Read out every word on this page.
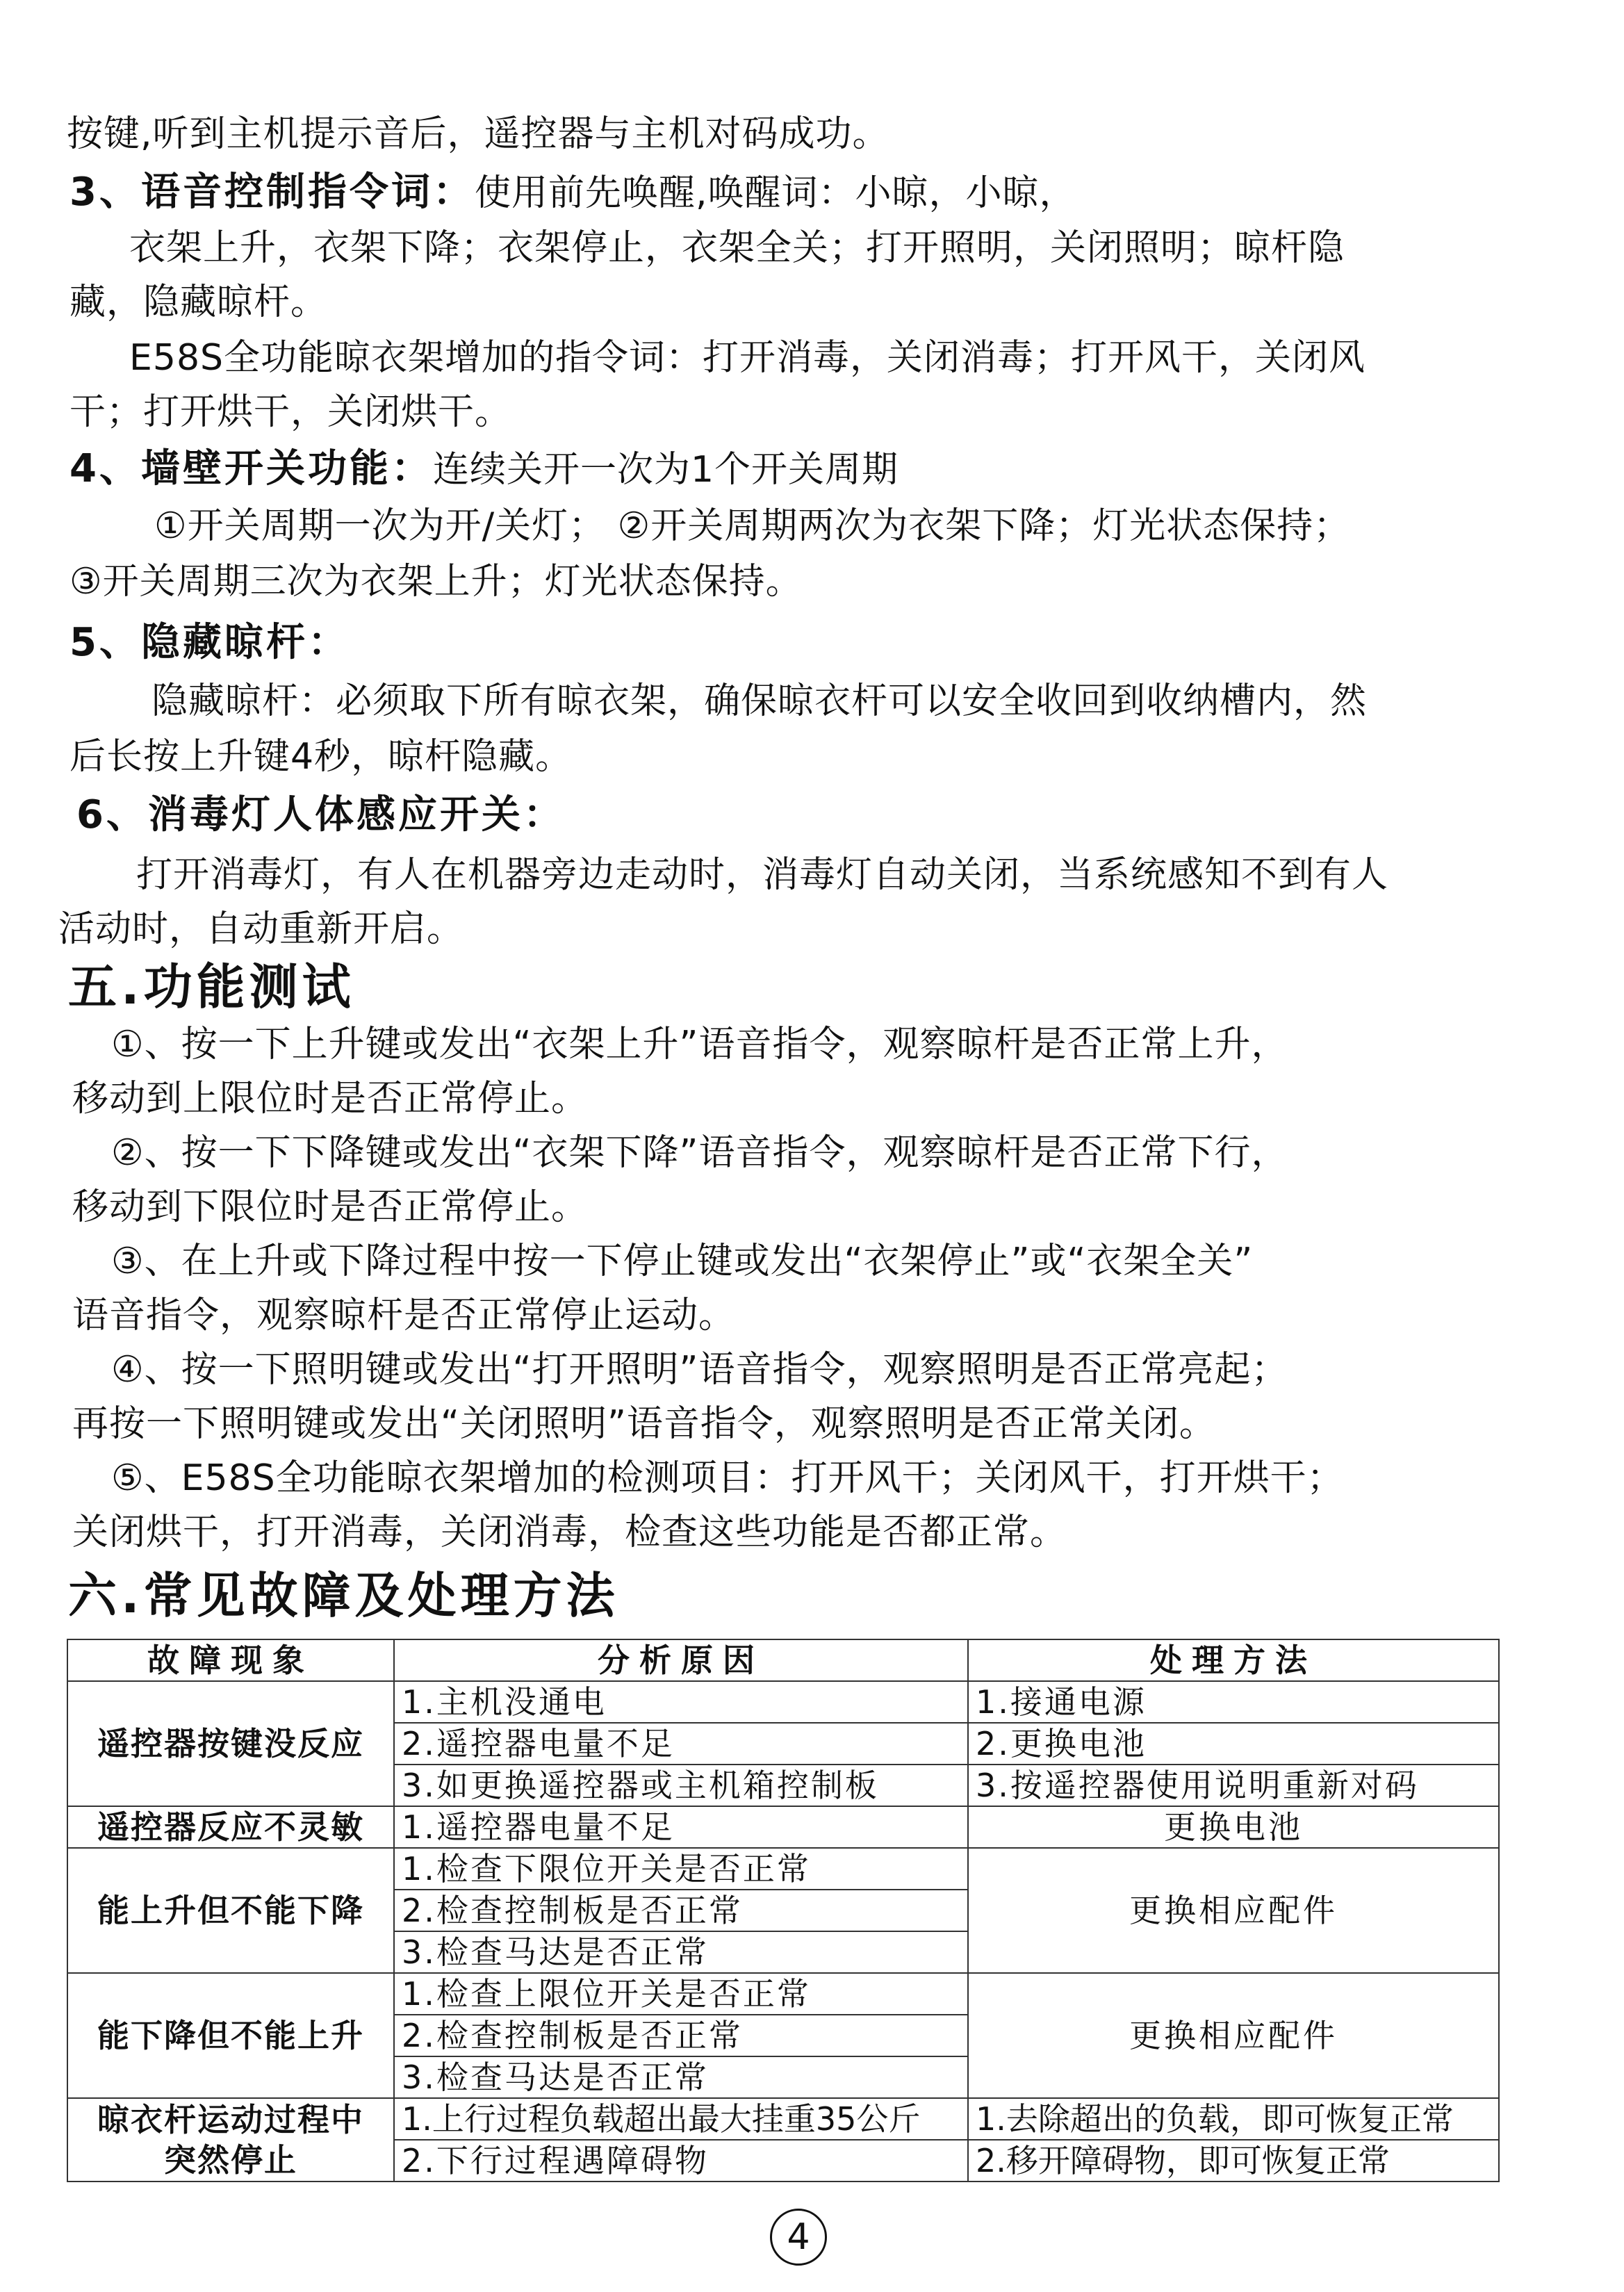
按键,听到主机提示音后，遥控器与主机对码成功。
3、语音控制指令词：使用前先唤醒,唤醒词：小晾，小晾，
衣架上升，衣架下降；衣架停止，衣架全关；打开照明，关闭照明；晾杆隐
藏，隐藏晾杆。
E58S全功能晾衣架增加的指令词：打开消毒，关闭消毒；打开风干，关闭风
干；打开烘干，关闭烘干。
4、墙壁开关功能：连续关开一次为1个开关周期
①开关周期一次为开/关灯； ②开关周期两次为衣架下降；灯光状态保持；
③开关周期三次为衣架上升；灯光状态保持。
5、隐藏晾杆：
隐藏晾杆：必须取下所有晾衣架，确保晾衣杆可以安全收回到收纳槽内，然
后长按上升键4秒，晾杆隐藏。
6、消毒灯人体感应开关：
打开消毒灯，有人在机器旁边走动时，消毒灯自动关闭，当系统感知不到有人
活动时，自动重新开启。
五.功能测试
①、按一下上升键或发出“衣架上升”语音指令，观察晾杆是否正常上升，
移动到上限位时是否正常停止。
②、按一下下降键或发出“衣架下降”语音指令，观察晾杆是否正常下行，
移动到下限位时是否正常停止。
③、在上升或下降过程中按一下停止键或发出“衣架停止”或“衣架全关”
语音指令，观察晾杆是否正常停止运动。
④、按一下照明键或发出“打开照明”语音指令，观察照明是否正常亮起；
再按一下照明键或发出“关闭照明”语音指令，观察照明是否正常关闭。
⑤、E58S全功能晾衣架增加的检测项目：打开风干；关闭风干，打开烘干；
关闭烘干，打开消毒，关闭消毒，检查这些功能是否都正常。
六.常见故障及处理方法
故障现象	分析原因	处理方法
遥控器按键没反应	1.主机没通电	1.接通电源
	2.遥控器电量不足	2.更换电池
	3.如更换遥控器或主机箱控制板	3.按遥控器使用说明重新对码
遥控器反应不灵敏	1.遥控器电量不足	更换电池
能上升但不能下降	1.检查下限位开关是否正常	更换相应配件
	2.检查控制板是否正常	
	3.检查马达是否正常	
能下降但不能上升	1.检查上限位开关是否正常	更换相应配件
	2.检查控制板是否正常	
	3.检查马达是否正常	

晾衣杆运动过程中
突然停止	1.上行过程负载超出最大挂重35公斤	1.去除超出的负载，即可恢复正常
	2.下行过程遇障碍物	2.移开障碍物，即可恢复正常
4
